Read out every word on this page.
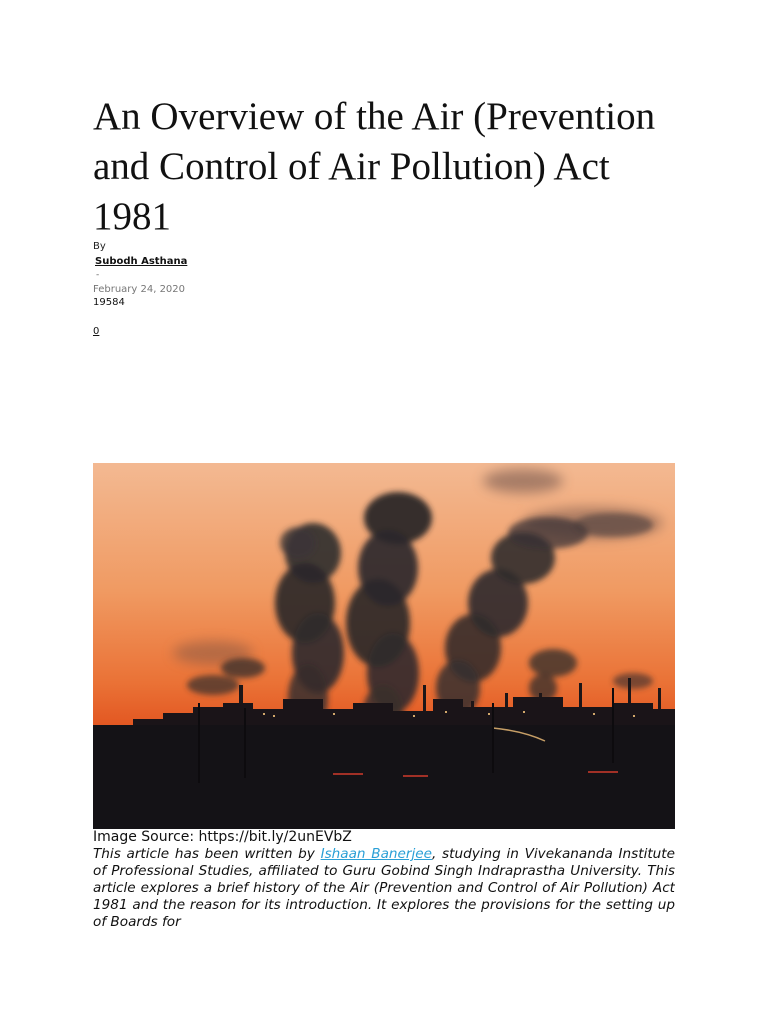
An Overview of the Air (Prevention and Control of Air Pollution) Act 1981
By
Subodh Asthana
-
February 24, 2020
19584
0
Image Source: https://bit.ly/2unEVbZ

This article has been written by Ishaan Banerjee, studying in Vivekananda Institute of Professional Studies, affiliated to Guru Gobind Singh Indraprastha University. This article explores a brief history of the Air (Prevention and Control of Air Pollution) Act 1981 and the reason for its introduction. It explores the provisions for the setting up of Boards for
